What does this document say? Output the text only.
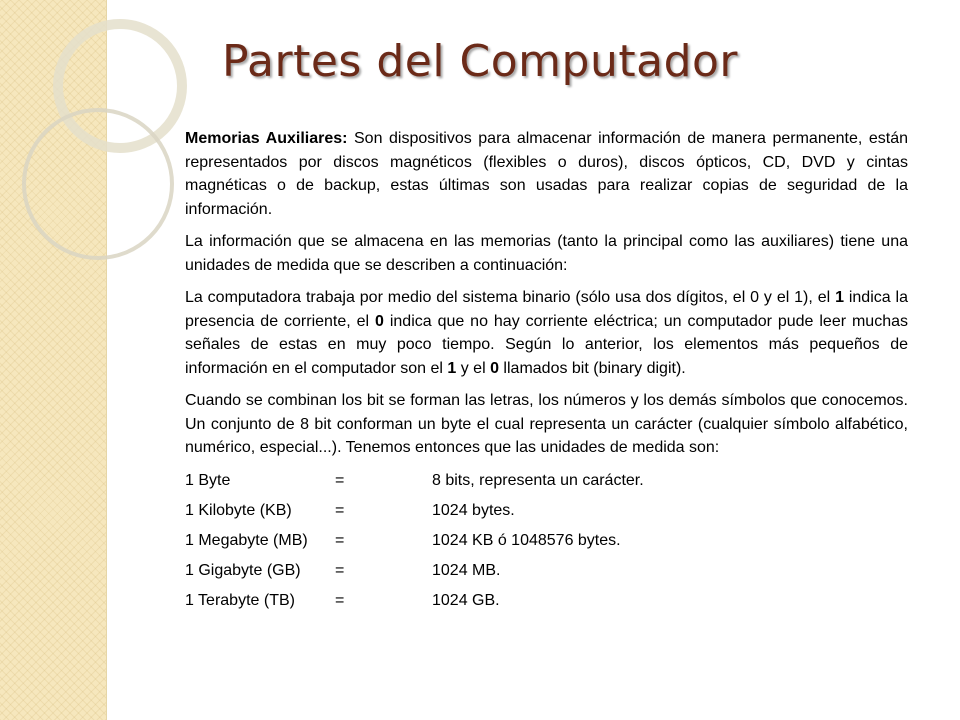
Partes del Computador

Memorias Auxiliares: Son dispositivos para almacenar información de manera permanente, están representados por discos magnéticos (flexibles o duros), discos ópticos, CD, DVD y cintas magnéticas o de backup, estas últimas son usadas para realizar copias de seguridad de la información.

La información que se almacena en las memorias (tanto la principal como las auxiliares) tiene una unidades de medida que se describen a continuación:

La computadora trabaja por medio del sistema binario (sólo usa dos dígitos, el 0 y el 1), el 1 indica la presencia de corriente, el 0 indica que no hay corriente eléctrica; un computador pude leer muchas señales de estas en muy poco tiempo. Según lo anterior, los elementos más pequeños de información en el computador son el 1 y el 0 llamados bit (binary digit).

Cuando se combinan los bit se forman las letras, los números y los demás símbolos que conocemos. Un conjunto de 8 bit conforman un byte el cual representa un carácter (cualquier símbolo alfabético, numérico, especial...). Tenemos entonces que las unidades de medida son:

1 Byte	=	8 bits, representa un carácter.
1 Kilobyte (KB)	=	1024 bytes.
1 Megabyte (MB)	=	1024 KB ó 1048576 bytes.
1 Gigabyte (GB)	=	1024 MB.
1 Terabyte (TB)	=	1024 GB.
